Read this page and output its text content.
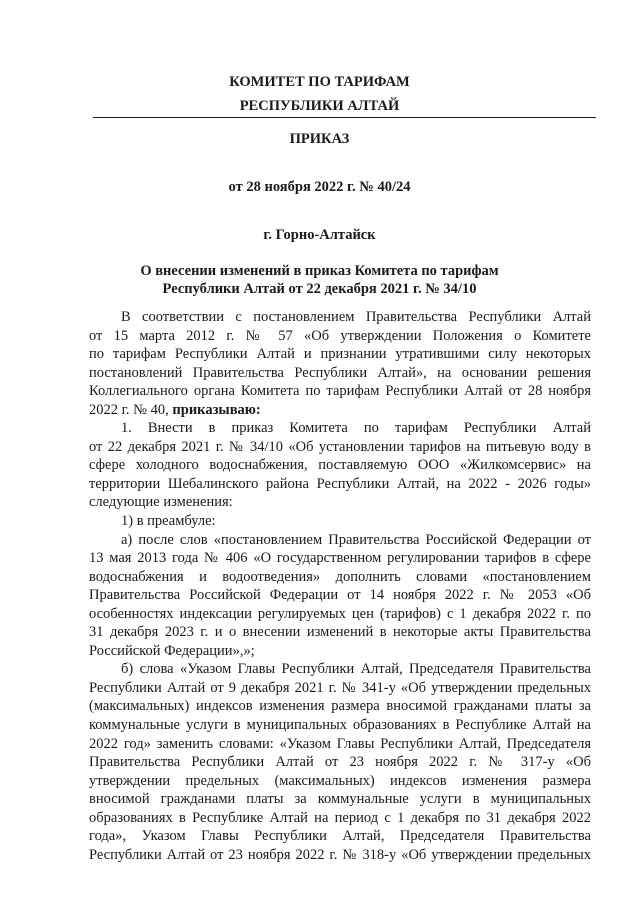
КОМИТЕТ ПО ТАРИФАМ
РЕСПУБЛИКИ АЛТАЙ
ПРИКАЗ
от 28 ноября 2022 г. № 40/24
г. Горно-Алтайск
О внесении изменений в приказ Комитета по тарифам
Республики Алтай от 22 декабря 2021 г. № 34/10
В соответствии с постановлением Правительства Республики Алтай
от 15 марта 2012 г. № 57 «Об утверждении Положения о Комитете
по тарифам Республики Алтай и признании утратившими силу некоторых
постановлений Правительства Республики Алтай», на основании решения
Коллегиального органа Комитета по тарифам Республики Алтай от 28 ноября
2022 г. № 40, приказываю:
1. Внести в приказ Комитета по тарифам Республики Алтай
от 22 декабря 2021 г. № 34/10 «Об установлении тарифов на питьевую воду в
сфере холодного водоснабжения, поставляемую ООО «Жилкомсервис» на
территории Шебалинского района Республики Алтай, на 2022 - 2026 годы»
следующие изменения:
1) в преамбуле:
а) после слов «постановлением Правительства Российской Федерации от
13 мая 2013 года № 406 «О государственном регулировании тарифов в сфере
водоснабжения и водоотведения» дополнить словами «постановлением
Правительства Российской Федерации от 14 ноября 2022 г. № 2053 «Об
особенностях индексации регулируемых цен (тарифов) с 1 декабря 2022 г. по
31 декабря 2023 г. и о внесении изменений в некоторые акты Правительства
Российской Федерации»,»;
б) слова «Указом Главы Республики Алтай, Председателя Правительства
Республики Алтай от 9 декабря 2021 г. № 341-у «Об утверждении предельных
(максимальных) индексов изменения размера вносимой гражданами платы за
коммунальные услуги в муниципальных образованиях в Республике Алтай на
2022 год» заменить словами: «Указом Главы Республики Алтай, Председателя
Правительства Республики Алтай от 23 ноября 2022 г. № 317-у «Об
утверждении предельных (максимальных) индексов изменения размера
вносимой гражданами платы за коммунальные услуги в муниципальных
образованиях в Республике Алтай на период с 1 декабря по 31 декабря 2022
года», Указом Главы Республики Алтай, Председателя Правительства
Республики Алтай от 23 ноября 2022 г. № 318-у «Об утверждении предельных
